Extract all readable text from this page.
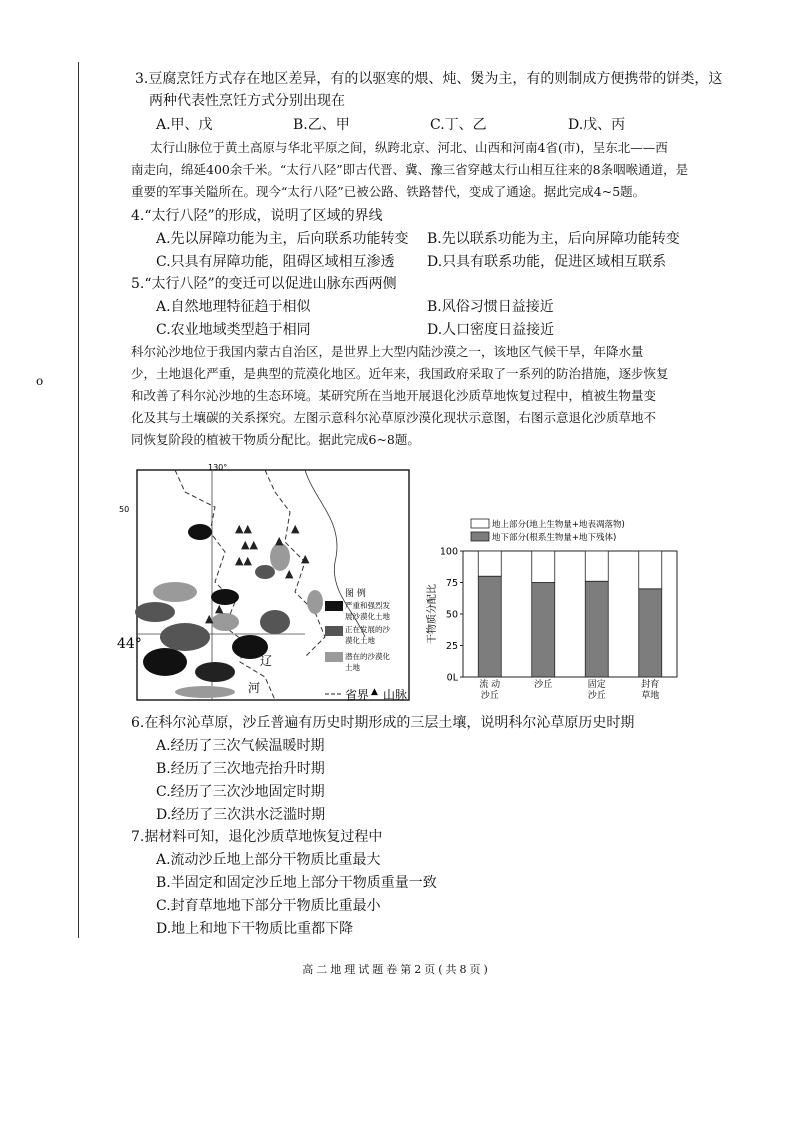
o
3.豆腐烹饪方式存在地区差异，有的以驱寒的煨、炖、煲为主，有的则制成方便携带的饼类，这
两种代表性烹饪方式分别出现在
A.甲、戊	B.乙、甲	C.丁、乙	D.戊、丙
太行山脉位于黄土高原与华北平原之间，纵跨北京、河北、山西和河南4省(市)，呈东北——西
南走向，绵延400余千米。“太行八陉”即古代晋、冀、豫三省穿越太行山相互往来的8条咽喉通道，是
重要的军事关隘所在。现今“太行八陉”已被公路、铁路替代，变成了通途。据此完成4~5题。
4.“太行八陉”的形成，说明了区域的界线
A.先以屏障功能为主，后向联系功能转变 B.先以联系功能为主，后向屏障功能转变
C.只具有屏障功能，阻碍区域相互渗透 D.只具有联系功能，促进区域相互联系
5.“太行八陉”的变迁可以促进山脉东西两侧
A.自然地理特征趋于相似	B.风俗习惯日益接近
C.农业地域类型趋于相同	D.人口密度日益接近
科尔沁沙地位于我国内蒙古自治区，是世界上大型内陆沙漠之一，该地区气候干旱，年降水量
少，土地退化严重，是典型的荒漠化地区。近年来，我国政府采取了一系列的防治措施，逐步恢复
和改善了科尔沁沙地的生态环境。某研究所在当地开展退化沙质草地恢复过程中，植被生物量变
化及其与土壤碳的关系探究。左图示意科尔沁草原沙漠化现状示意图，右图示意退化沙质草地不
同恢复阶段的植被干物质分配比。据此完成6~8题。
130°
50
44°
▲▲
▲▲
▲▲
▲
▲
▲
▲
▲
▲
辽
河
图 例
严重和强烈发
展沙漠化土地
正在发展的沙
漠化土地
潜在的沙漠化
土地
省界 ▲ 山脉
地上部分(地上生物量+地表凋落物)
地下部分(根系生物量+地下残体)
0L
25
50
75
100
干物质分配比
流 动
沙丘
沙丘	固定
沙丘
封育
草地
6.在科尔沁草原，沙丘普遍有历史时期形成的三层土壤，说明科尔沁草原历史时期
A.经历了三次气候温暖时期
B.经历了三次地壳抬升时期
C.经历了三次沙地固定时期
D.经历了三次洪水泛滥时期
7.据材料可知，退化沙质草地恢复过程中
A.流动沙丘地上部分干物质比重最大
B.半固定和固定沙丘地上部分干物质重量一致
C.封育草地地下部分干物质比重最小
D.地上和地下干物质比重都下降
高二地理试题卷第2页(共8页)
